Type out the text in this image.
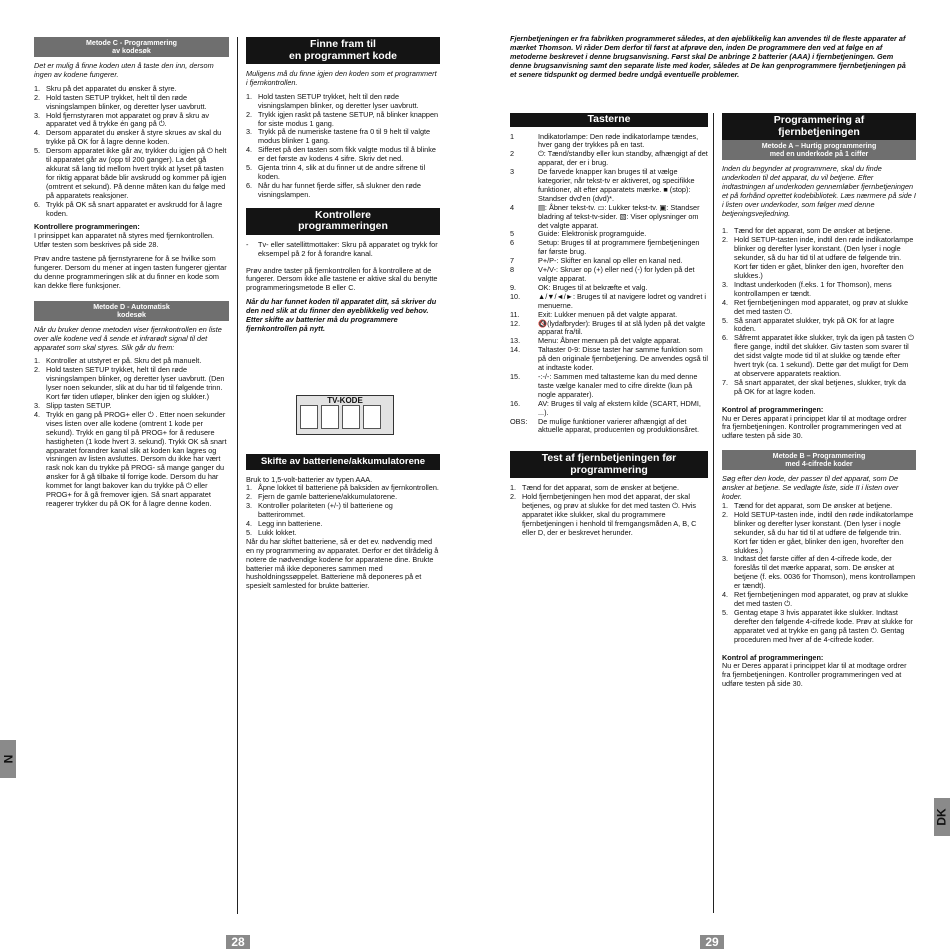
Metode C - Programmering
av kodesøk

Det er mulig å finne koden uten å taste den inn, dersom ingen av kodene fungerer.

1. Skru på det apparatet du ønsker å styre.
2. Hold tasten SETUP trykket, helt til den røde visningslampen blinker, og deretter lyser uavbrutt.
3. Hold fjernstyraren mot apparatet og prøv å skru av apparatet ved å trykke én gang på ⏻.
4. Dersom apparatet du ønsker å styre skrues av skal du trykke på OK for å lagre denne koden.
5. Dersom apparatet ikke går av, trykker du igjen på ⏻ helt til apparatet går av (opp til 200 ganger). La det gå akkurat så lang tid mellom hvert trykk at lyset på tasten for riktig apparat både blir avskrudd og kommer på igjen (omtrent et sekund). På denne måten kan du følge med på apparatets reaksjoner.
6. Trykk på OK så snart apparatet er avskrudd for å lagre koden.

Kontrollere programmeringen:

I prinsippet kan apparatet nå styres med fjernkontrollen. Utfør testen som beskrives på side 28.

Prøv andre tastene på fjernstyrarene for å se hvilke som fungerer. Dersom du mener at ingen tasten fungerer gjentar du denne programmeringen slik at du finner en kode som kan dekke flere funksjoner.

Metode D - Automatisk
kodesøk

Når du bruker denne metoden viser fjernkontrollen en liste over alle kodene ved å sende et infrarødt signal til det apparatet som skal styres. Slik går du frem:

1. Kontroller at utstyret er på. Skru det på manuelt.
2. Hold tasten SETUP trykket, helt til den røde visningslampen blinker, og deretter lyser uavbrutt. (Den lyser noen sekunder, slik at du har tid til følgende trinn. Kort før tiden utløper, blinker den igjen og slukker.)
3. Slipp tasten SETUP.
4. Trykk en gang på PROG+ eller ⏻ . Etter noen sekunder vises listen over alle kodene (omtrent 1 kode per sekund). Trykk en gang til på PROG+ for å redusere hastigheten (1 kode hvert 3. sekund). Trykk OK så snart apparatet forandrer kanal slik at koden kan lagres og visningen av listen avsluttes. Dersom du ikke har vært rask nok kan du trykke på PROG- så mange ganger du ønsker for å gå tilbake til forrige kode. Dersom du har kommet for langt bakover kan du trykke på ⏻ eller PROG+ for å gå fremover igjen. Så snart apparatet reagerer trykker du på OK for å lagre denne koden.
Finne fram til
en programmert kode

Muligens må du finne igjen den koden som et programmert i fjernkontrollen.

1. Hold tasten SETUP trykket, helt til den røde visningslampen blinker, og deretter lyser uavbrutt.
2. Trykk igjen raskt på tastene SETUP, nå blinker knappen for siste modus 1 gang.
3. Trykk på de numeriske tastene fra 0 til 9 helt til valgte modus blinker 1 gang.
4. Sifferet på den tasten som fikk valgte modus til å blinke er det første av kodens 4 sifre. Skriv det ned.
5. Gjenta trinn 4, slik at du finner ut de andre sifrene til koden.
6. Når du har funnet fjerde siffer, så slukner den røde visningslampen.
Kontrollere
programmeringen
- Tv- eller satellittmottaker: Skru på apparatet og trykk for eksempel på 2 for å forandre kanal.

Prøv andre taster på fjernkontrollen for å kontrollere at de fungerer. Dersom ikke alle tastene er aktive skal du benytte programmeringsmetode B eller C.

Når du har funnet koden til apparatet ditt, så skriver du den ned slik at du finner den øyeblikkelig ved behov. Etter skifte av batterier må du programmere fjernkontrollen på nytt.

TV-KODE
Skifte av batteriene/akkumulatorene

Bruk to 1,5-volt-batterier av typen AAA.

1. Åpne lokket til batteriene på baksiden av fjernkontrollen.
2. Fjern de gamle batteriene/akkumulatorene.
3. Kontroller polariteten (+/-) til batteriene og batterirommet.
4. Legg inn batteriene.
5. Lukk lokket.

Når du har skiftet batteriene, så er det ev. nødvendig med en ny programmering av apparatet. Derfor er det tilrådelig å notere de nødvendige kodene for apparatene dine. Brukte batterier må ikke deponeres sammen med husholdningssøppelet. Batteriene må deponeres på et spesielt samlested for brukte batterier.

N
28
Fjernbetjeningen er fra fabrikken programmeret således, at den øjeblikkelig kan anvendes til de fleste apparater af mærket Thomson. Vi råder Dem derfor til først at afprøve den, inden De programmere den ved at følge en af metoderne beskrevet i denne brugsanvisning. Først skal De anbringe 2 batterier (AAA) i fjernbetjeningen. Gem denne brugsanvisning samt den separate liste med koder, således at De kan genprogrammere fjernbetjeningen på et senere tidspunkt og dermed bedre undgå eventuelle problemer.
Tasterne
1	Indikatorlampe: Den røde indikatorlampe tændes, hver gang der trykkes på en tast.
2	⏻: Tænd/standby eller kun standby, afhængigt af det apparat, der er i brug.
3	De farvede knapper kan bruges til at vælge kategorier, når tekst-tv er aktiveret, og specifikke funktioner, alt efter apparatets mærke. ■ (stop): Standser dvd'en (dvd)*.
4	▤: Åbner tekst-tv. ▭: Lukker tekst-tv. ▣: Standser bladring af tekst-tv-sider. ▧: Viser oplysninger om det valgte apparat.
5	Guide: Elektronisk programguide.
6	Setup: Bruges til at programmere fjernbetjeningen før første brug.
7	P+/P-: Skifter en kanal op eller en kanal ned.
8	V+/V-: Skruer op (+) eller ned (-) for lyden på det valgte apparat.
9.	OK: Bruges til at bekræfte et valg.
10. ▲/▼/◄/►: Bruges til at navigere lodret og vandret i menuerne.
11.	Exit: Lukker menuen på det valgte apparat.
12. 🔇(lydafbryder): Bruges til at slå lyden på det valgte apparat fra/til.
13. Menu: Åbner menuen på det valgte apparat.
14. Taltaster 0-9: Disse taster har samme funktion som på den originale fjernbetjening. De anvendes også til at indtaste koder.
15. -:-/-: Sammen med taltasterne kan du med denne taste vælge kanaler med to cifre direkte (kun på nogle apparater).
16. AV: Bruges til valg af ekstern kilde (SCART, HDMI, ...).
OBS: De mulige funktioner varierer afhængigt af det aktuelle apparat, producenten og produktionsåret.
Test af fjernbetjeningen før
programmering
1. Tænd for det apparat, som de ønsker at betjene.
2. Hold fjernbetjeningen hen mod det apparat, der skal betjenes, og prøv at slukke for det med tasten ⏻. Hvis apparatet ikke slukker, skal du programmere fjernbetjeningen i henhold til fremgangsmåden A, B, C eller D, der er beskrevet herunder.
Programmering af
fjernbetjeningen
Metode A – Hurtig programmering
med en underkode på 1 ciffer

Inden du begynder at programmere, skal du finde underkoden til det apparat, du vil betjene. Efter indtastningen af underkoden gennemløber fjernbetjeningen et på forhånd oprettet kodebibliotek. Læs nærmere på side I i listen over underkoder, som følger med denne betjeningsvejledning.

1. Tænd for det apparat, som De ønsker at betjene.
2. Hold SETUP-tasten inde, indtil den røde indikatorlampe blinker og derefter lyser konstant. (Den lyser i nogle sekunder, så du har tid til at udføre de følgende trin. Kort før tiden er gået, blinker den igen, hvorefter den slukkes.)
3. Indtast underkoden (f.eks. 1 for Thomson), mens kontrollampen er tændt.
4. Ret fjernbetjeningen mod apparatet, og prøv at slukke det med tasten ⏻.
5. Så snart apparatet slukker, tryk på OK for at lagre koden.
6. Såfremt apparatet ikke slukker, tryk da igen på tasten ⏻ flere gange, indtil det slukker. Giv tasten som svarer til det sidst valgte mode tid til at slukke og tænde efter hvert tryk (ca. 1 sekund). Dette gør det muligt for Dem at observere apparatets reaktion.
7. Så snart apparatet, der skal betjenes, slukker, tryk da på OK for at lagre koden.

Kontrol af programmeringen:

Nu er Deres apparat i princippet klar til at modtage ordrer fra fjernbetjeningen. Kontroller programmeringen ved at udføre testen på side 30.

Metode B – Programmering
med 4-cifrede koder

Søg efter den kode, der passer til det apparat, som De ønsker at betjene. Se vedlagte liste, side II i listen over koder.

1. Tænd for det apparat, som De ønsker at betjene.
2. Hold SETUP-tasten inde, indtil den røde indikatorlampe blinker og derefter lyser konstant. (Den lyser i nogle sekunder, så du har tid til at udføre de følgende trin. Kort før tiden er gået, blinker den igen, hvorefter den slukkes.)
3. Indtast det første ciffer af den 4-cifrede kode, der foreslås til det mærke apparat, som. De ønsker at betjene (f. eks. 0036 for Thomson), mens kontrollampen er tændt).
4. Ret fjernbetjeningen mod apparatet, og prøv at slukke det med tasten ⏻.
5. Gentag etape 3 hvis apparatet ikke slukker. Indtast derefter den følgende 4-cifrede kode. Prøv at slukke for apparatet ved at trykke en gang på tasten ⏻. Gentag proceduren med hver af de 4-cifrede koder.

Kontrol af programmeringen:

Nu er Deres apparat i princippet klar til at modtage ordrer fra fjernbetjeningen. Kontroller programmeringen ved at udføre testen på side 30.

DK
29
